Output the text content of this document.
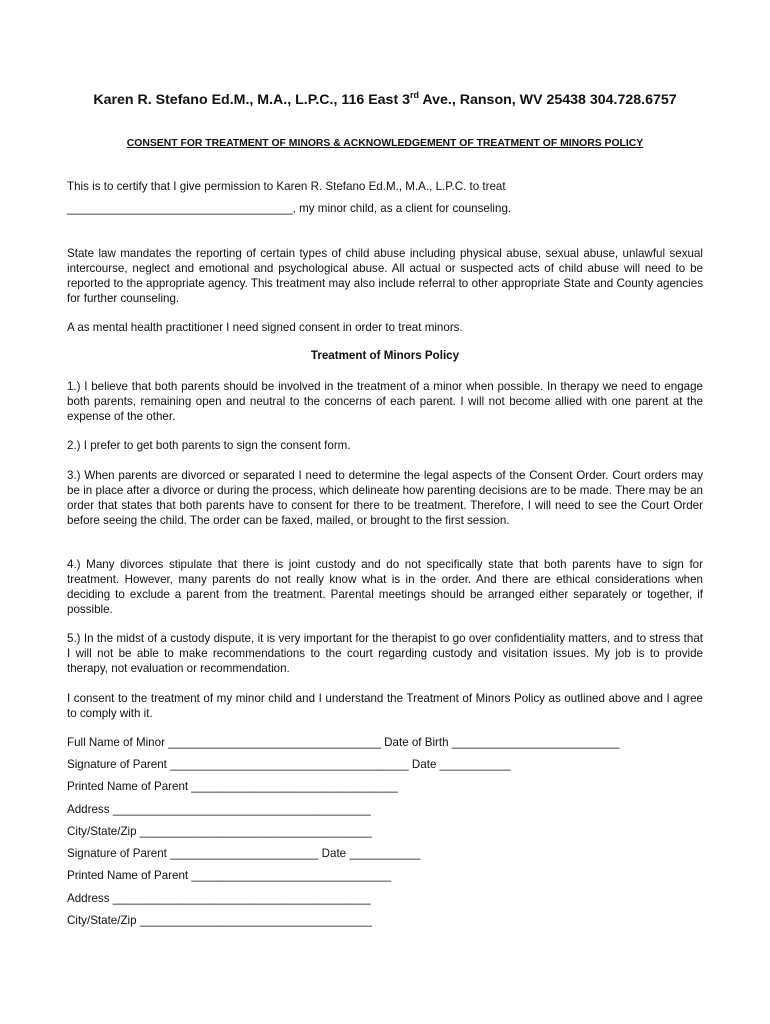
Karen R. Stefano Ed.M., M.A., L.P.C., 116 East 3rd Ave., Ranson, WV 25438 304.728.6757
CONSENT FOR TREATMENT OF MINORS & ACKNOWLEDGEMENT OF TREATMENT OF MINORS POLICY
This is to certify that I give permission to Karen R. Stefano Ed.M., M.A., L.P.C. to treat
___________________________________, my minor child, as a client for counseling.
State law mandates the reporting of certain types of child abuse including physical abuse, sexual abuse, unlawful sexual intercourse, neglect and emotional and psychological abuse. All actual or suspected acts of child abuse will need to be reported to the appropriate agency. This treatment may also include referral to other appropriate State and County agencies for further counseling.
A as mental health practitioner I need signed consent in order to treat minors.
Treatment of Minors Policy
1.) I believe that both parents should be involved in the treatment of a minor when possible. In therapy we need to engage both parents, remaining open and neutral to the concerns of each parent. I will not become allied with one parent at the expense of the other.
2.) I prefer to get both parents to sign the consent form.
3.) When parents are divorced or separated I need to determine the legal aspects of the Consent Order. Court orders may be in place after a divorce or during the process, which delineate how parenting decisions are to be made. There may be an order that states that both parents have to consent for there to be treatment. Therefore, I will need to see the Court Order before seeing the child. The order can be faxed, mailed, or brought to the first session.
4.) Many divorces stipulate that there is joint custody and do not specifically state that both parents have to sign for treatment. However, many parents do not really know what is in the order. And there are ethical considerations when deciding to exclude a parent from the treatment. Parental meetings should be arranged either separately or together, if possible.
5.) In the midst of a custody dispute, it is very important for the therapist to go over confidentiality matters, and to stress that I will not be able to make recommendations to the court regarding custody and visitation issues. My job is to provide therapy, not evaluation or recommendation.
I consent to the treatment of my minor child and I understand the Treatment of Minors Policy as outlined above and I agree to comply with it.
Full Name of Minor _________________________________ Date of Birth __________________________
Signature of Parent _____________________________________ Date ___________
Printed Name of Parent ________________________________
Address ________________________________________
City/State/Zip ____________________________________
Signature of Parent _______________________ Date ___________
Printed Name of Parent _______________________________
Address ________________________________________
City/State/Zip ____________________________________
